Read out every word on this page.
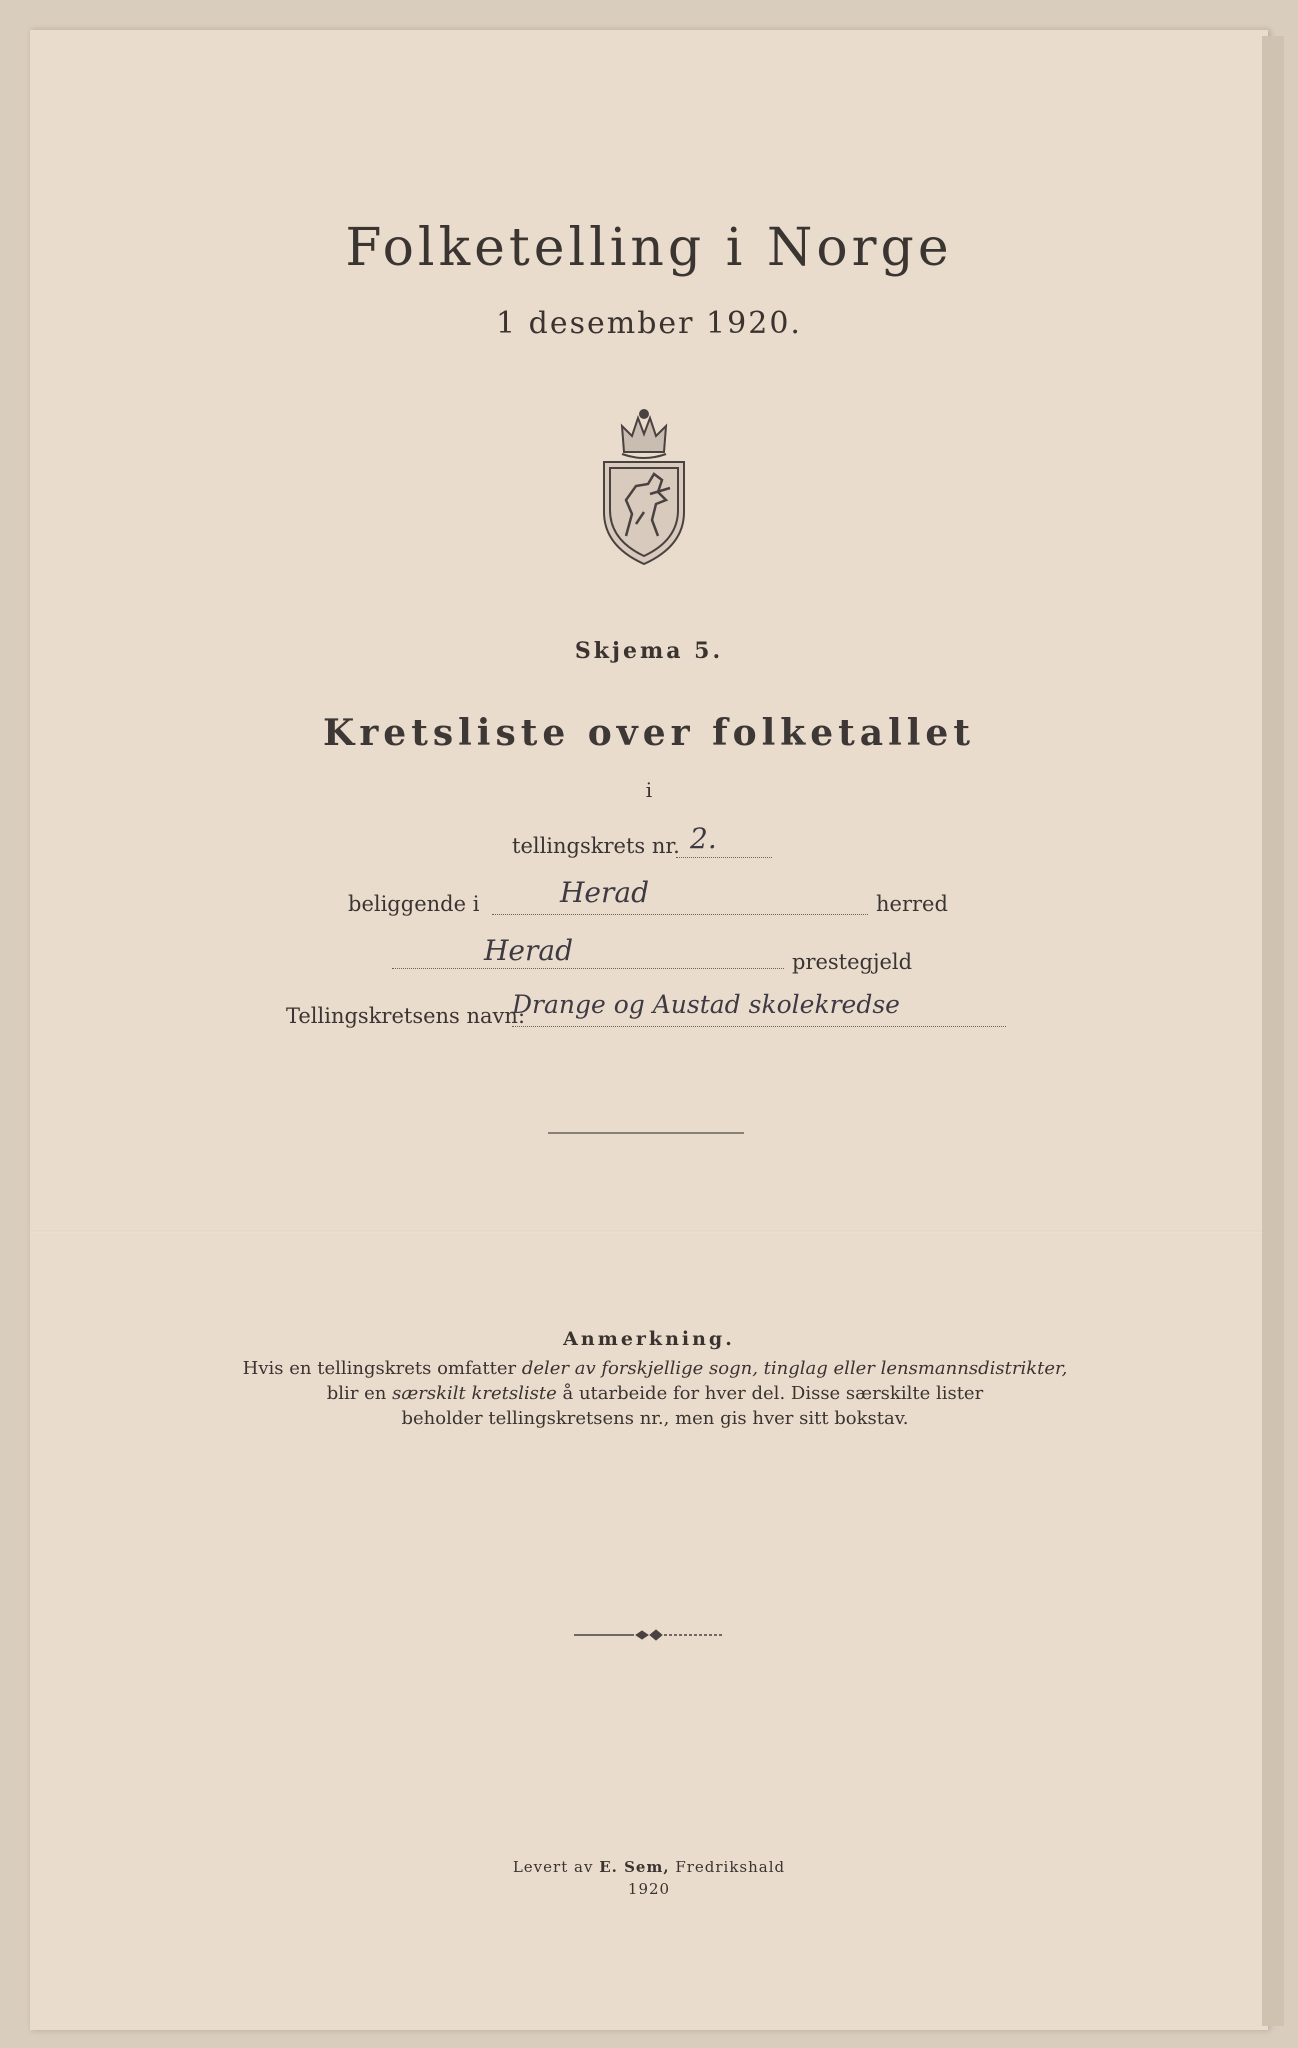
Folketelling i Norge
1 desember 1920.
Skjema 5.
Kretsliste over folketallet
i
tellingskrets nr. 2.
beliggende i	Herad	herred
Herad	prestegjeld
Tellingskretsens navn:
Drange og Austad skolekredse
Anmerkning.
Hvis en tellingskrets omfatter deler av forskjellige sogn, tinglag eller lensmannsdistrikter,
blir en særskilt kretsliste å utarbeide for hver del. Disse særskilte lister
beholder tellingskretsens nr., men gis hver sitt bokstav.
Levert av E. Sem, Fredrikshald
1920
